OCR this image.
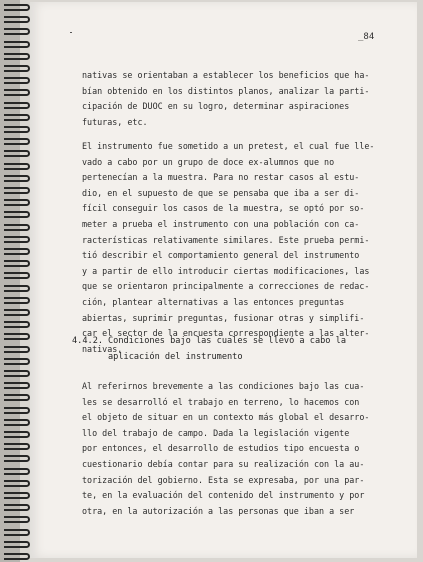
_84

nativas se orientaban a establecer los beneficios que ha-
bían obtenido en los distintos planos, analizar la parti-
cipación de DUOC en su logro, determinar aspiraciones
futuras, etc.

El instrumento fue sometido a un pretest, el cual fue lle-
vado a cabo por un grupo de doce ex-alumnos que no
pertenecían a la muestra. Para no restar casos al estu-
dio, en el supuesto de que se pensaba que iba a ser di-
fícil conseguir los casos de la muestra, se optó por so-
meter a prueba el instrumento con una población con ca-
racterísticas relativamente similares. Este prueba permi-
tió describir el comportamiento general del instrumento
y a partir de ello introducir ciertas modificaciones, las
que se orientaron principalmente a correcciones de redac-
ción, plantear alternativas a las entonces preguntas
abiertas, suprimir preguntas, fusionar otras y simplifi-
car el sector de la encuesta correspondiente a las alter-
nativas.

4.4.2. Condiciones bajo las cuales se llevó a cabo la
aplicación del instrumento

Al referirnos brevemente a las condiciones bajo las cua-
les se desarrolló el trabajo en terreno, lo hacemos con
el objeto de situar en un contexto más global el desarro-
llo del trabajo de campo. Dada la legislación vigente
por entonces, el desarrollo de estudios tipo encuesta o
cuestionario debía contar para su realización con la au-
torización del gobierno. Esta se expresaba, por una par-
te, en la evaluación del contenido del instrumento y por
otra, en la autorización a las personas que iban a ser
